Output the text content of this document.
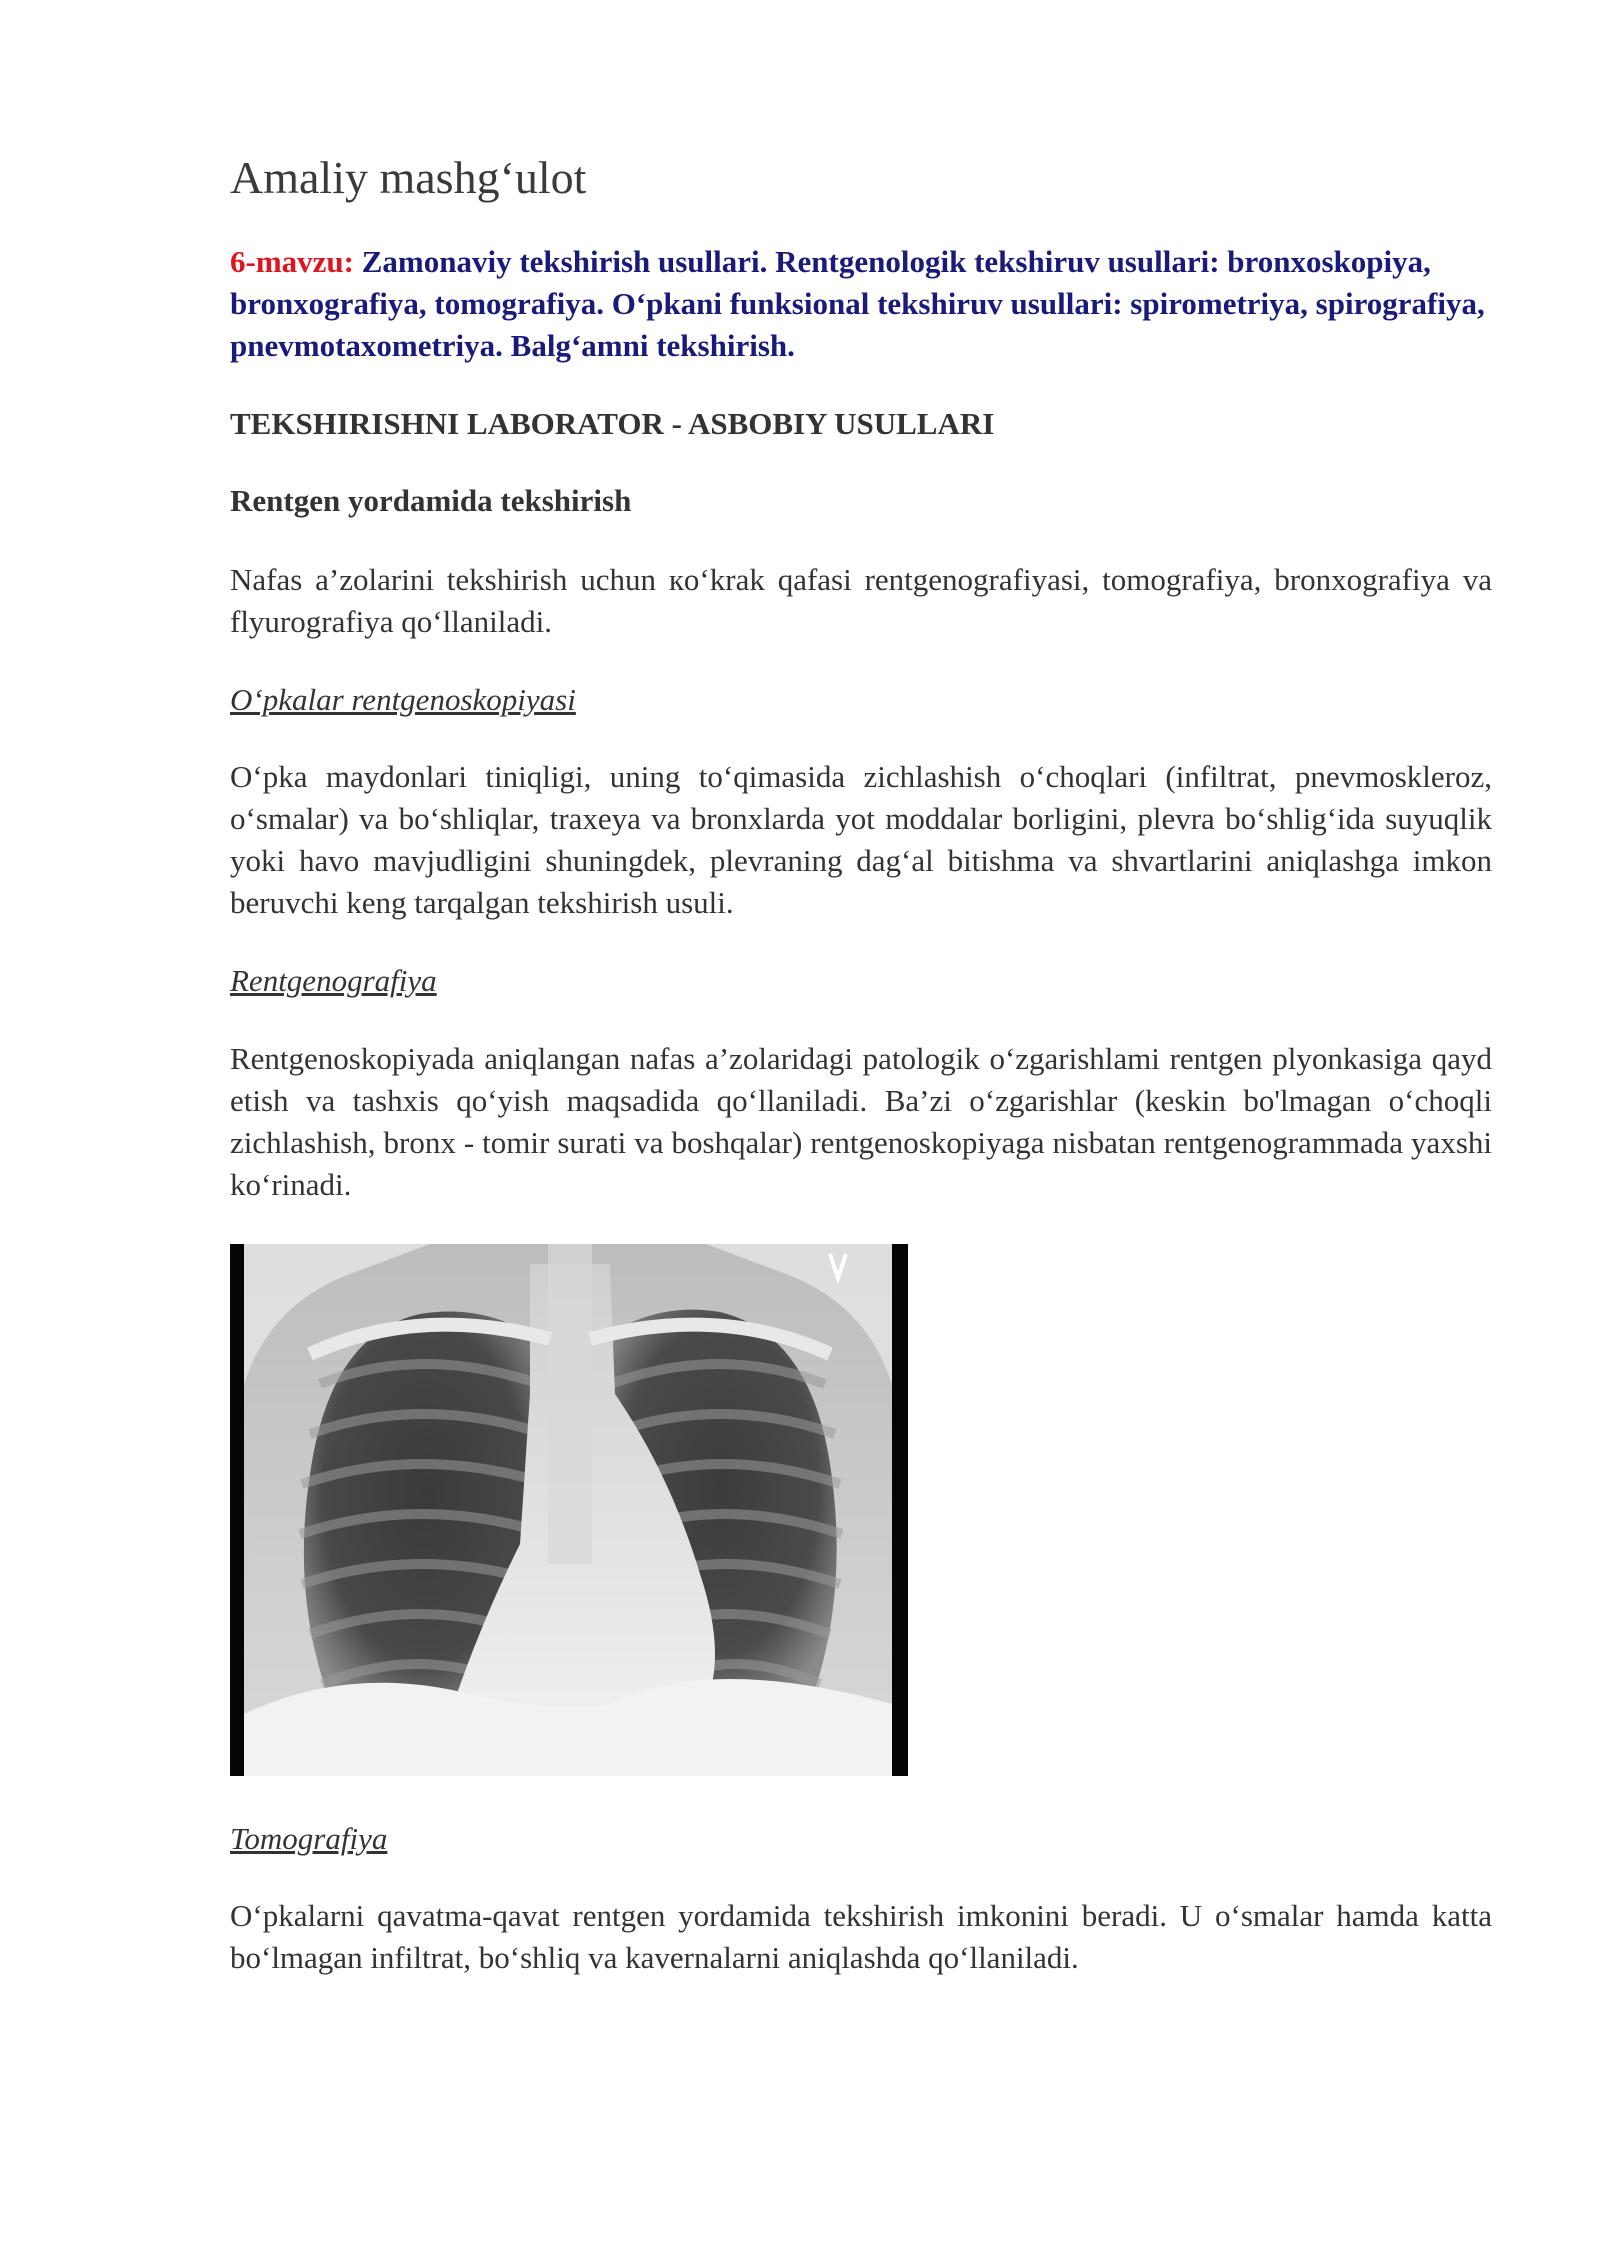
Amaliy mashg‘ulot

6-mavzu: Zamonaviy tekshirish usullari. Rentgenologik tekshiruv usullari: bronxoskopiya, bronxografiya, tomografiya. O‘pkani funksional tekshiruv usullari: spirometriya, spirografiya, pnevmotaxometriya. Balg‘amni tekshirish.

TEKSHIRISHNI LABORATOR - ASBOBIY USULLARI

Rentgen yordamida tekshirish

Nafas a’zolarini tekshirish uchun кo‘krak qafasi rentgenografiyasi, tomografiya, bronxografiya va flyurografiya qo‘llaniladi.

O‘pkalar rentgenoskopiyasi

O‘pka maydonlari tiniqligi, uning to‘qimasida zichlashish o‘choqlari (infiltrat, pnevmoskleroz, o‘smalar) va bo‘shliqlar, traxeya va bronxlarda yot moddalar borligini, plevra bo‘shlig‘ida suyuqlik yoki havo mavjudligini shuningdek, plevraning dag‘al bitishma va shvartlarini aniqlashga imkon beruvchi keng tarqalgan tekshirish usuli.

Rentgenografiya

Rentgenoskopiyada aniqlangan nafas a’zolaridagi patologik o‘zgarishlami rentgen plyonkasiga qayd etish va tashxis qo‘yish maqsadida qo‘llaniladi. Ba’zi o‘zgarishlar (keskin bo'lmagan o‘choqli zichlashish, bronx - tomir surati va boshqalar) rentgenoskopiyaga nisbatan rentgenogrammada yaxshi ko‘rinadi.

Tomografiya

O‘pkalarni qavatma-qavat rentgen yordamida tekshirish imkonini beradi. U o‘smalar hamda katta bo‘lmagan infiltrat, bo‘shliq va kavernalarni aniqlashda qo‘llaniladi.
